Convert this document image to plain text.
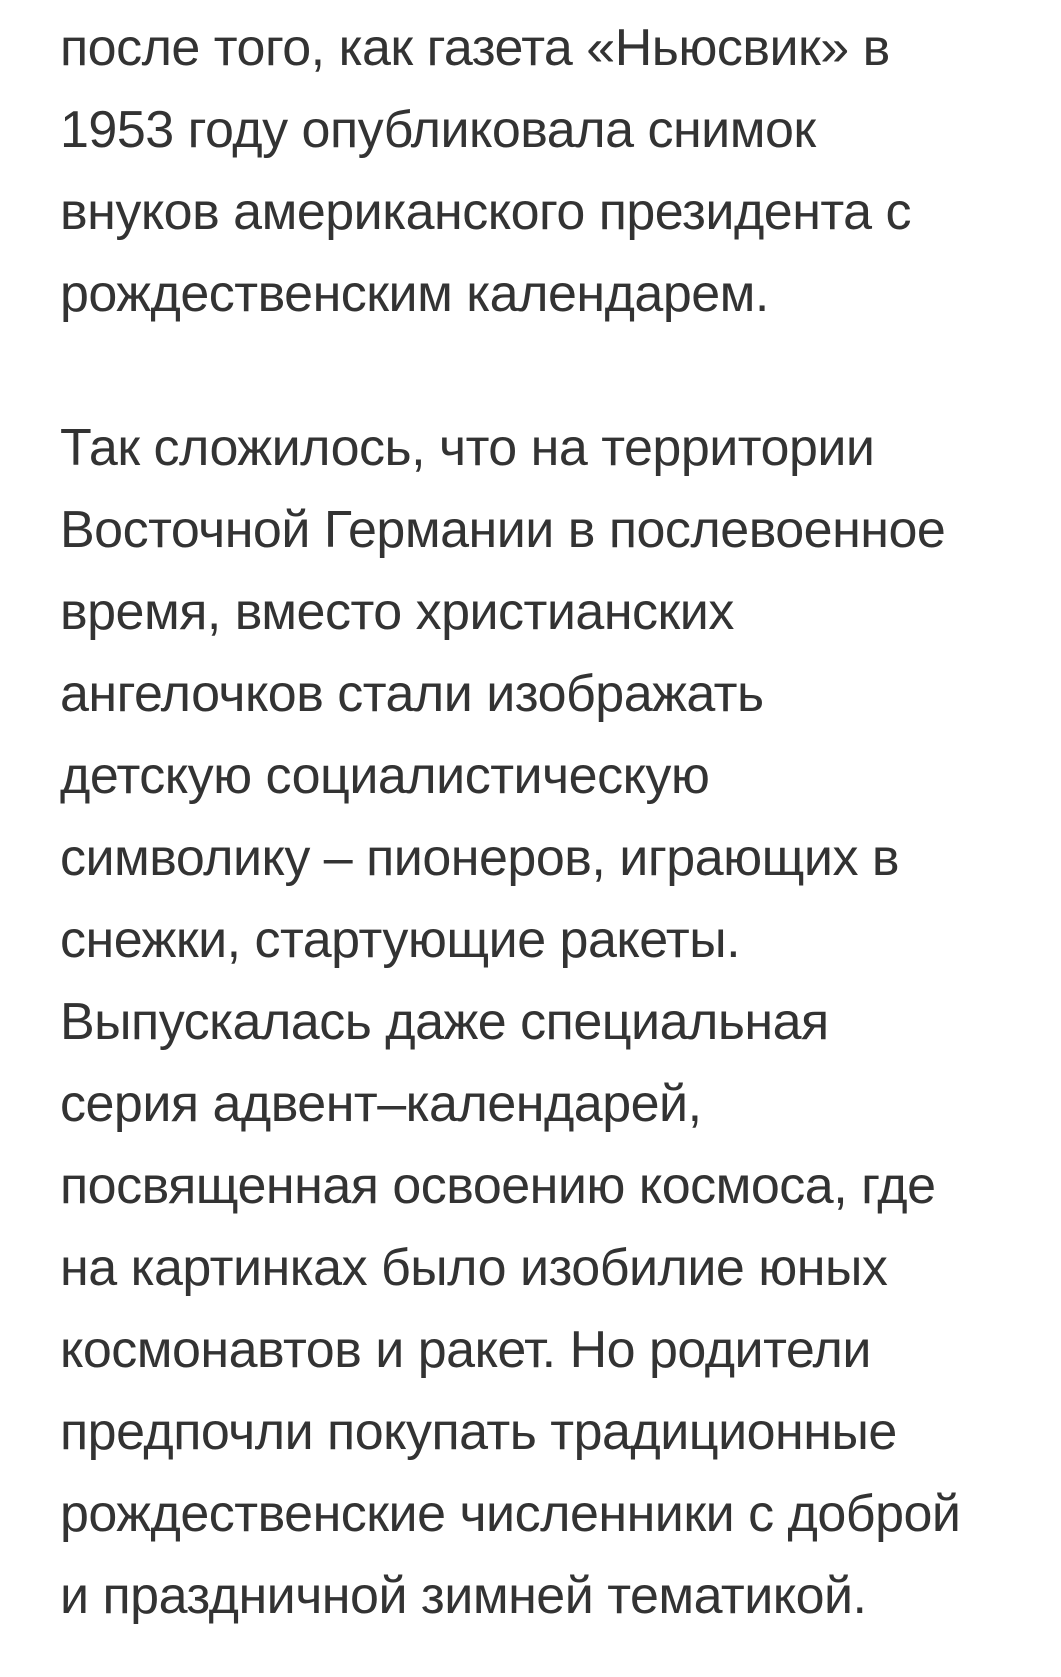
после того, как газета «Ньюсвик» в
1953 году опубликовала снимок
внуков американского президента с
рождественским календарем.
Так сложилось, что на территории
Восточной Германии в послевоенное
время, вместо христианских
ангелочков стали изображать
детскую социалистическую
символику – пионеров, играющих в
снежки, стартующие ракеты.
Выпускалась даже специальная
серия адвент–календарей,
посвященная освоению космоса, где
на картинках было изобилие юных
космонавтов и ракет. Но родители
предпочли покупать традиционные
рождественские численники с доброй
и праздничной зимней тематикой.
